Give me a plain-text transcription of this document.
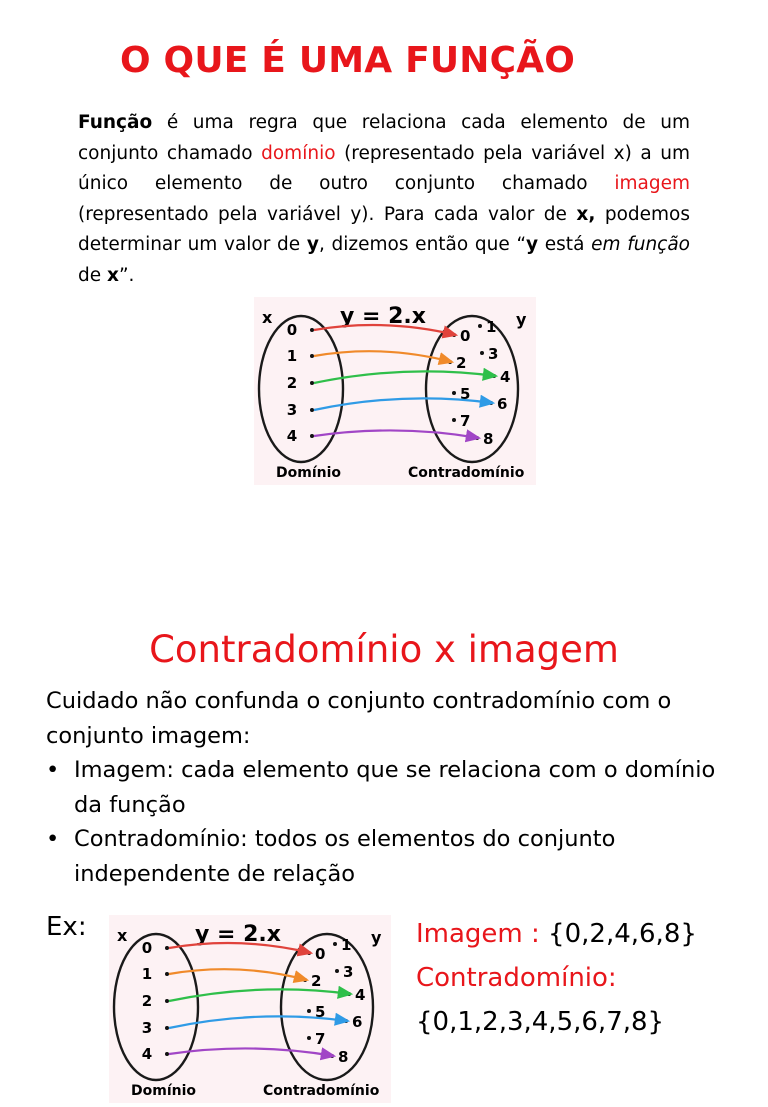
O QUE É UMA FUNÇÃO

Função é uma regra que relaciona cada elemento de um conjunto chamado domínio (representado pela variável x) a um único elemento de outro conjunto chamado imagem (representado pela variável y). Para cada valor de x, podemos determinar um valor de y, dizemos então que “y está em função de x”.

x	y
y = 2.x
Domínio	Contradomínio
0
1
2
3
4
0 1
2 3
4
5
6
7
8
Contradomínio x imagem

Cuidado não confunda o conjunto contradomínio com o conjunto imagem:

• Imagem: cada elemento que se relaciona com o domínio da função

• Contradomínio: todos os elementos do conjunto independente de relação

Ex: x	y
y = 2.x
Domínio	Contradomínio
0
1
2
3
4
0 1
2 3
4
5
6
7
8
Imagem : {0,2,4,6,8}
Contradomínio:
{0,1,2,3,4,5,6,7,8}
